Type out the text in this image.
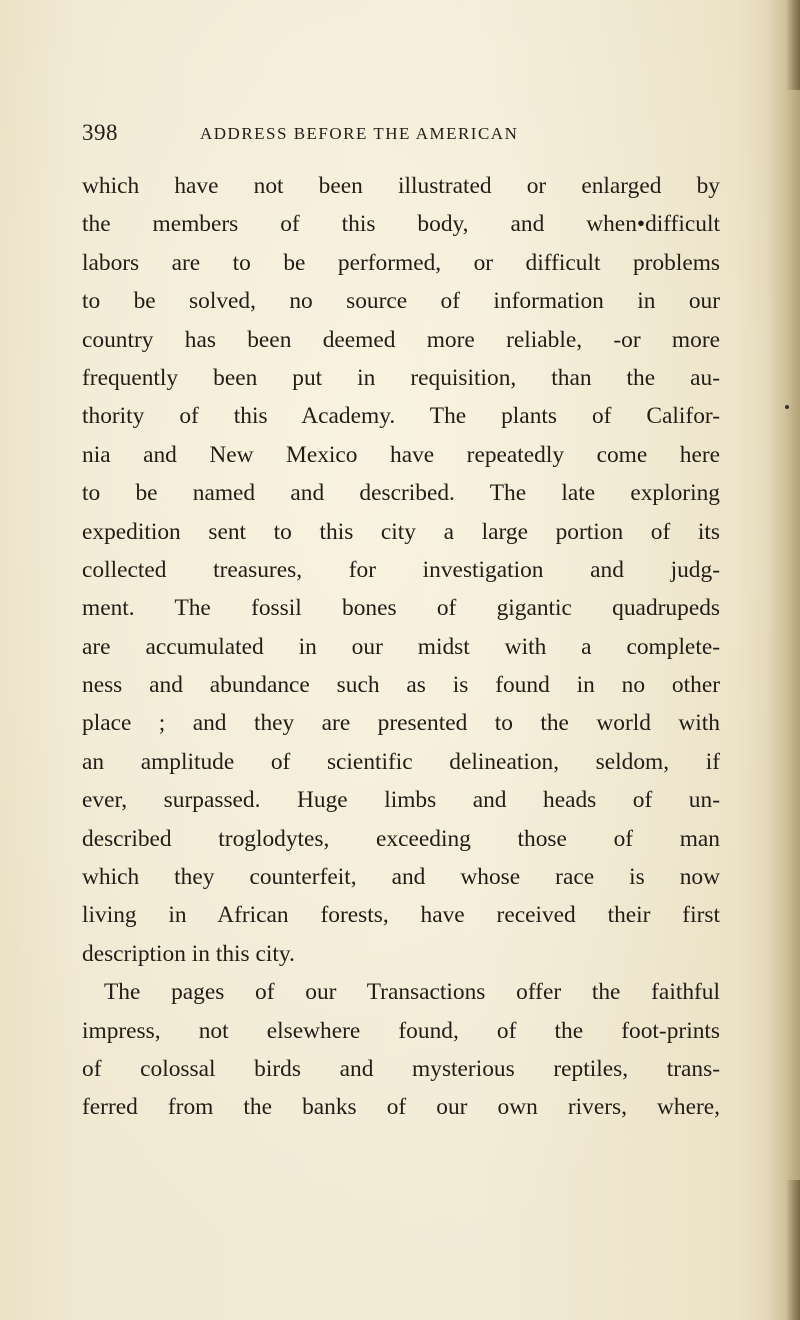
398	ADDRESS BEFORE THE AMERICAN
which have not been illustrated or enlarged by
the members of this body, and when•difficult
labors are to be performed, or difficult problems
to be solved, no source of information in our
country has been deemed more reliable, -or more
frequently been put in requisition, than the au-
thority of this Academy. The plants of Califor-
nia and New Mexico have repeatedly come here
to be named and described. The late exploring
expedition sent to this city a large portion of its
collected treasures, for investigation and judg-
ment. The fossil bones of gigantic quadrupeds
are accumulated in our midst with a complete-
ness and abundance such as is found in no other
place ; and they are presented to the world with
an amplitude of scientific delineation, seldom, if
ever, surpassed. Huge limbs and heads of un-
described troglodytes, exceeding those of man
which they counterfeit, and whose race is now
living in African forests, have received their first
description in this city.
The pages of our Transactions offer the faithful
impress, not elsewhere found, of the foot-prints
of colossal birds and mysterious reptiles, trans-
ferred from the banks of our own rivers, where,
